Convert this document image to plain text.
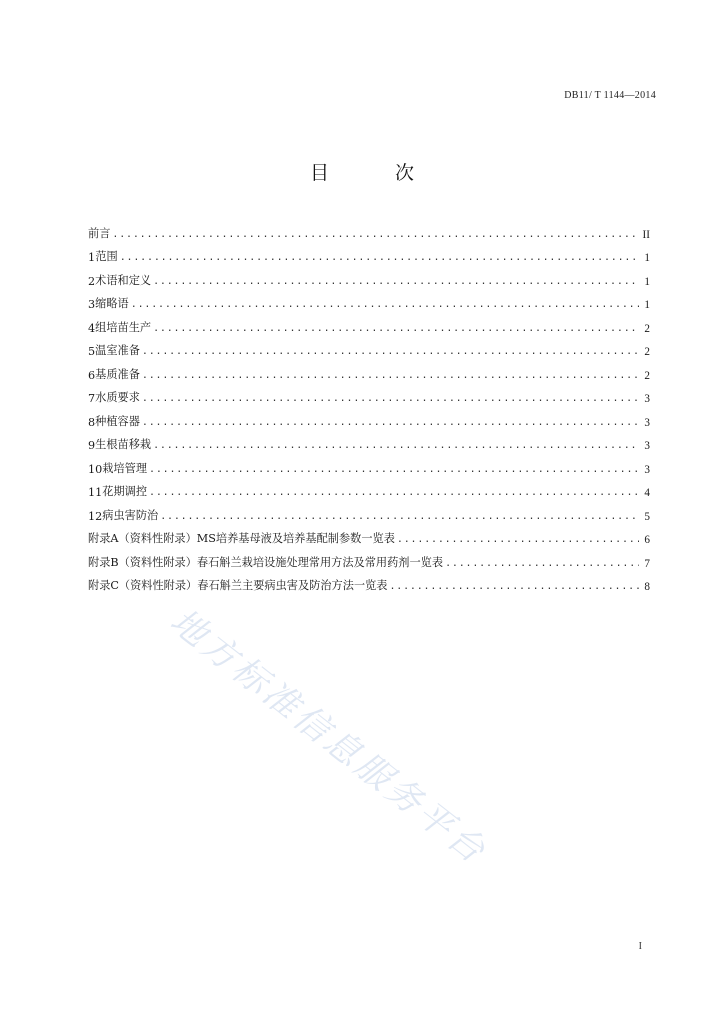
DB11/ T 1144—2014
目 次
前言 .....	II
1 范围 .....	1
2 术语和定义 .....	1
3 缩略语 .....	1
4 组培苗生产 .....	2
5 温室准备 .....	2
6 基质准备 .....	2
7 水质要求 .....	3
8 种植容器 .....	3
9 生根苗移栽 .....	3
10 栽培管理 .....	3
11 花期调控 .....	4
12 病虫害防治 .....	5
附录A（资料性附录） MS培养基母液及培养基配制参数一览表 .....	6
附录B（资料性附录） 春石斛兰栽培设施处理常用方法及常用药剂一览表 .....	7
附录C（资料性附录） 春石斛兰主要病虫害及防治方法一览表 .....	8
地方标准信息服务平台
I
